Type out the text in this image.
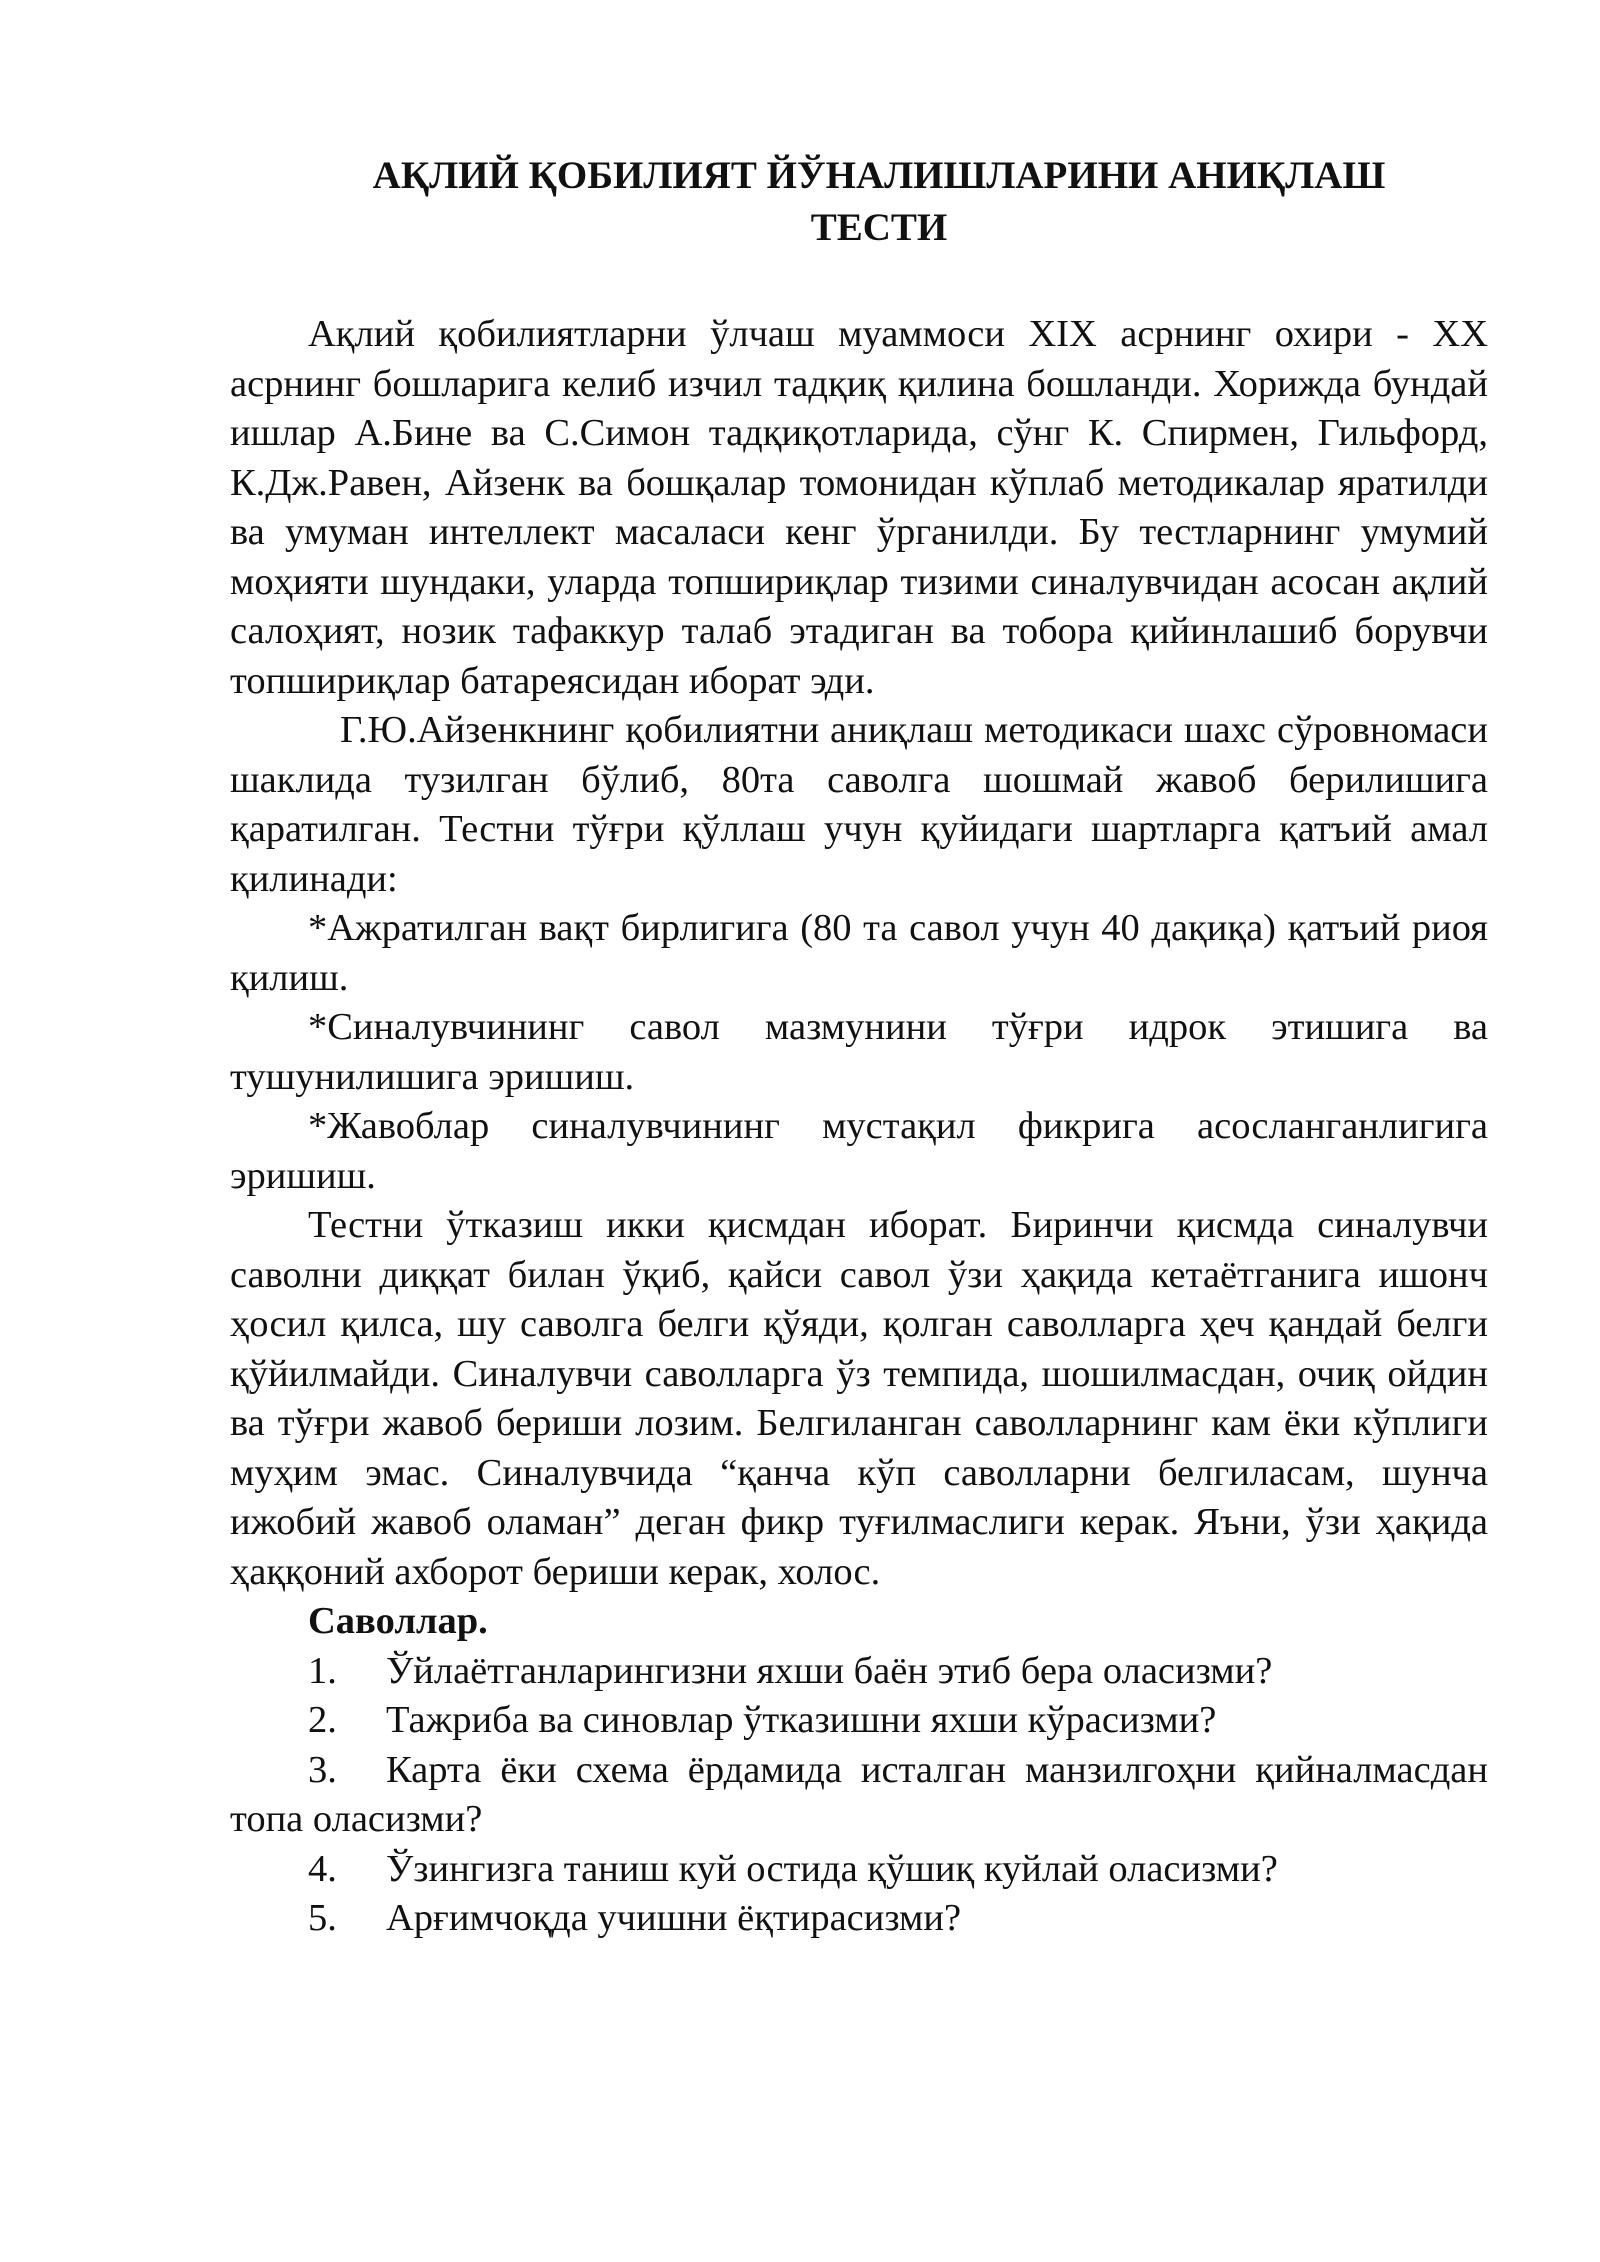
АҚЛИЙ ҚОБИЛИЯТ ЙЎНАЛИШЛАРИНИ АНИҚЛАШ
ТЕСТИ

Ақлий қобилиятларни ўлчаш муаммоси XIX асрнинг охири - XX асрнинг бошларига келиб изчил тадқиқ қилина бошланди. Хорижда бундай ишлар А.Бине ва С.Симон тадқиқотларида, сўнг К. Спирмен, Гильфорд, К.Дж.Равен, Айзенк ва бошқалар томонидан кўплаб методикалар яратилди ва умуман интеллект масаласи кенг ўрганилди. Бу тестларнинг умумий моҳияти шундаки, уларда топшириқлар тизими синалувчидан асосан ақлий салоҳият, нозик тафаккур талаб этадиган ва тобора қийинлашиб борувчи топшириқлар батареясидан иборат эди.

Г.Ю.Айзенкнинг қобилиятни аниқлаш методикаси шахс сўровномаси шаклида тузилган бўлиб, 80та саволга шошмай жавоб берилишига қаратилган. Тестни тўғри қўллаш учун қуйидаги шартларга қатъий амал қилинади:

*Ажратилган вақт бирлигига (80 та савол учун 40 дақиқа) қатъий риоя қилиш.

*Синалувчининг савол мазмунини тўғри идрок этишига ва тушунилишига эришиш.

*Жавоблар синалувчининг мустақил фикрига асосланганлигига эришиш.

Тестни ўтказиш икки қисмдан иборат. Биринчи қисмда синалувчи саволни диққат билан ўқиб, қайси савол ўзи ҳақида кетаётганига ишонч ҳосил қилса, шу саволга белги қўяди, қолган саволларга ҳеч қандай белги қўйилмайди. Синалувчи саволларга ўз темпида, шошилмасдан, очиқ ойдин ва тўғри жавоб бериши лозим. Белгиланган саволларнинг кам ёки кўплиги муҳим эмас. Синалувчида “қанча кўп саволларни белгиласам, шунча ижобий жавоб оламан” деган фикр туғилмаслиги керак. Яъни, ўзи ҳақида ҳаққоний ахборот бериши керак, холос.

Саволлар.

1. Ўйлаётганларингизни яхши баён этиб бера оласизми?

2. Тажриба ва синовлар ўтказишни яхши кўрасизми?

3. Карта ёки схема ёрдамида исталган манзилгоҳни қийналмасдан топа оласизми?

4. Ўзингизга таниш куй остида қўшиқ куйлай оласизми?

5. Арғимчоқда учишни ёқтирасизми?
